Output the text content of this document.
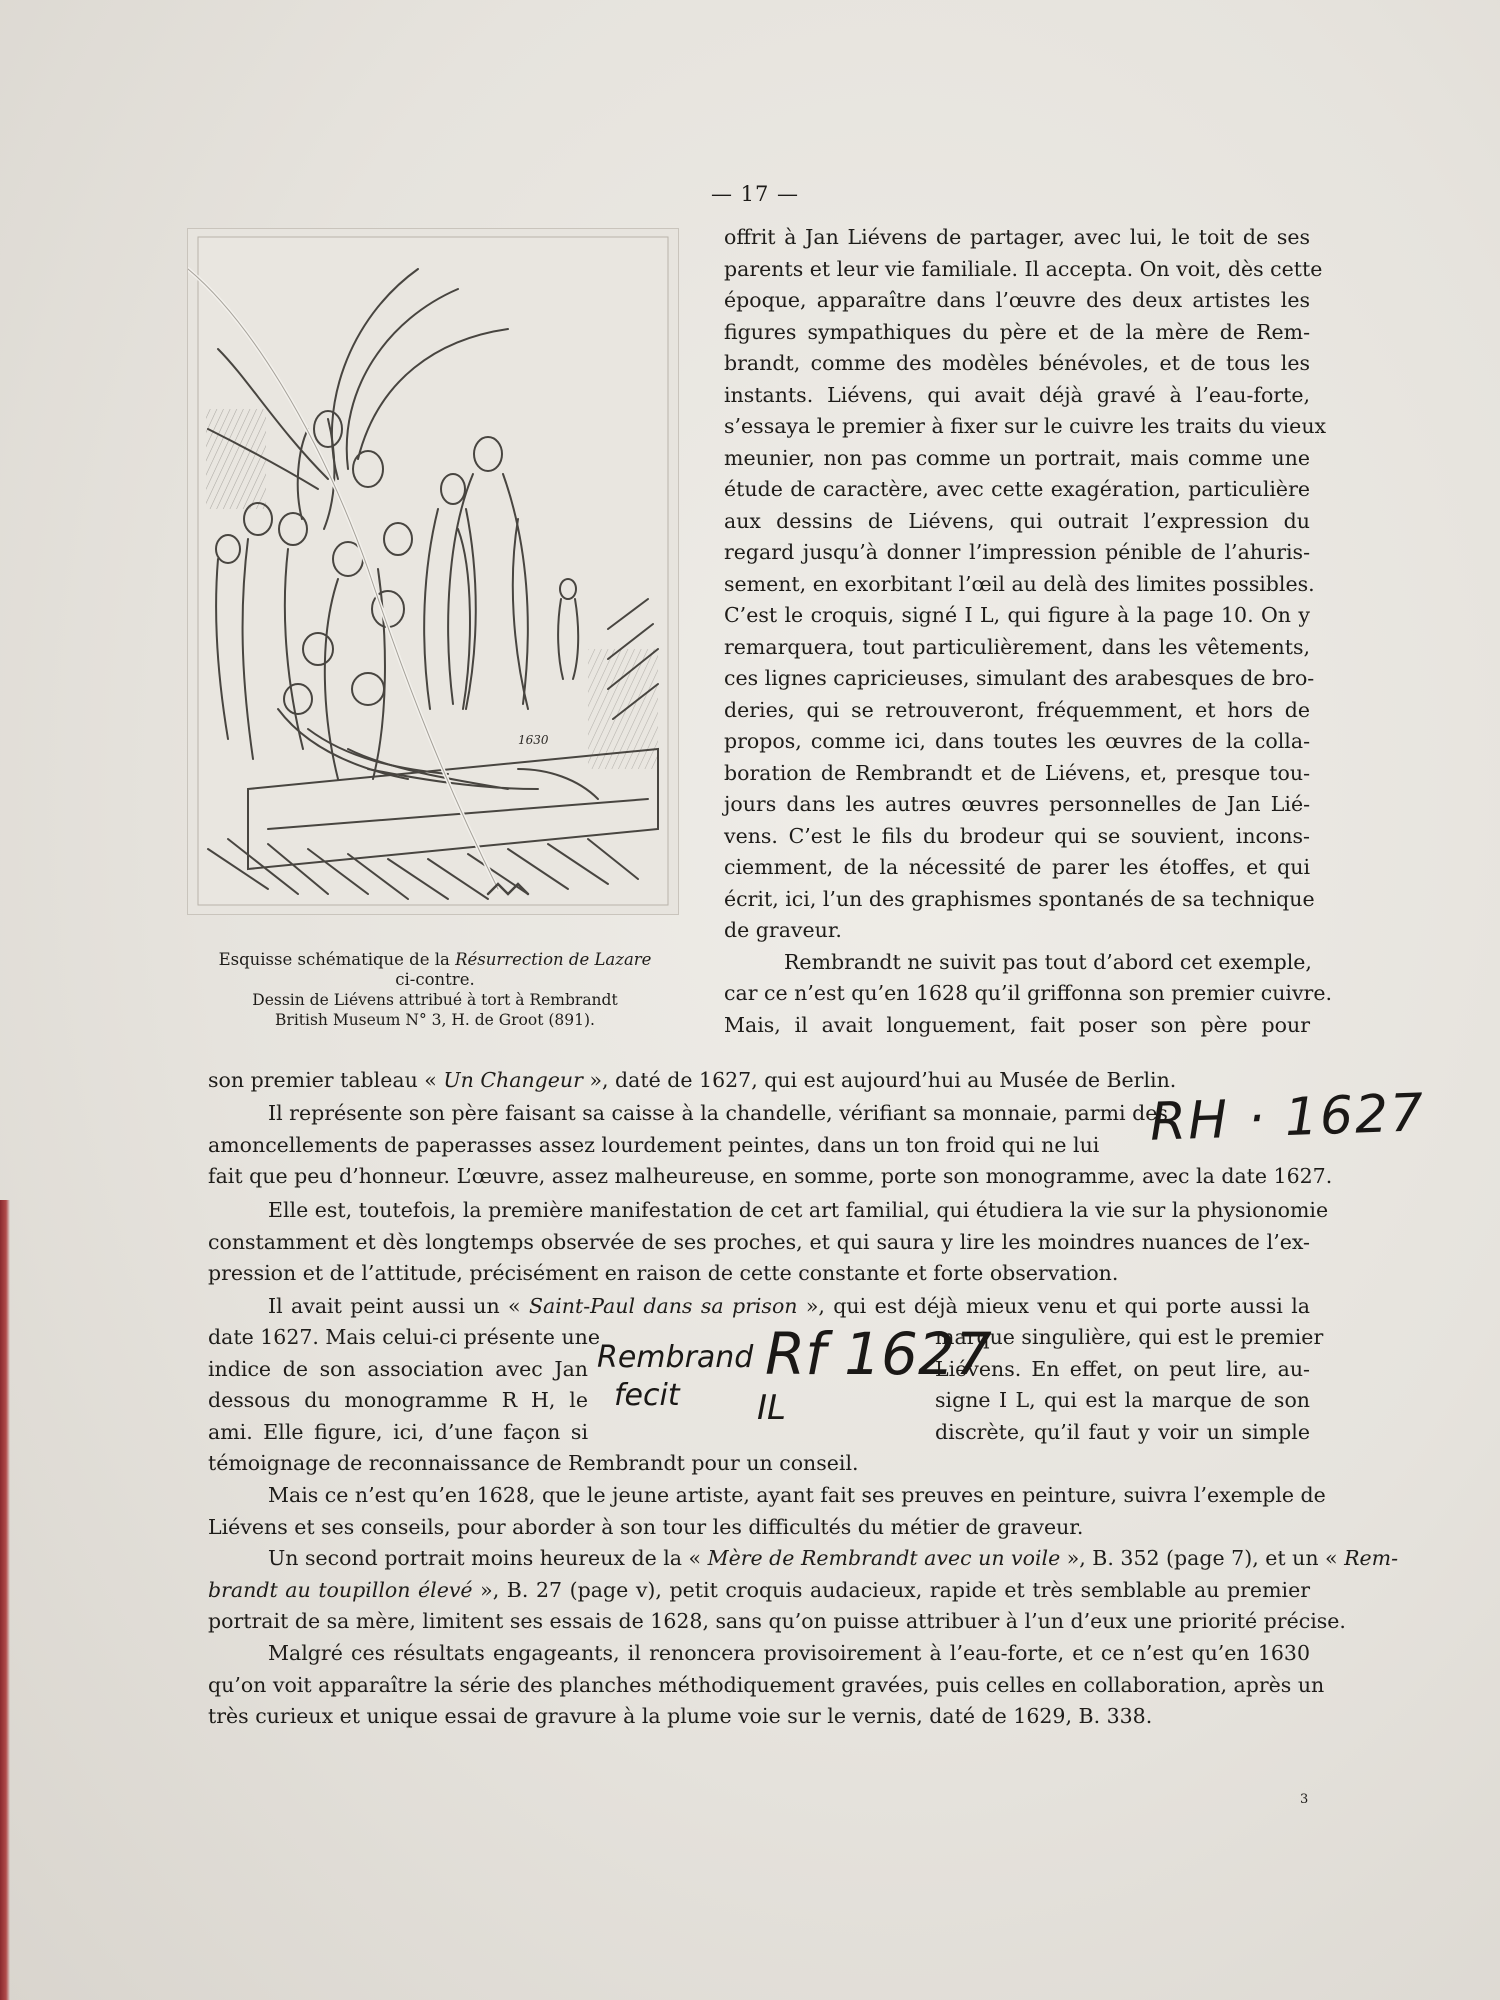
— 17 —
1630
Esquisse schématique de la Résurrection de Lazare
ci-contre.
Dessin de Liévens attribué à tort à Rembrandt
British Museum N° 3, H. de Groot (891).
offrit à Jan Liévens de partager, avec lui, le toit de ses
parents et leur vie familiale. Il accepta. On voit, dès cette
époque, apparaître dans l’œuvre des deux artistes les
figures sympathiques du père et de la mère de Rem-
brandt, comme des modèles bénévoles, et de tous les
instants. Liévens, qui avait déjà gravé à l’eau-forte,
s’essaya le premier à fixer sur le cuivre les traits du vieux
meunier, non pas comme un portrait, mais comme une
étude de caractère, avec cette exagération, particulière
aux dessins de Liévens, qui outrait l’expression du
regard jusqu’à donner l’impression pénible de l’ahuris-
sement, en exorbitant l’œil au delà des limites possibles.
C’est le croquis, signé I L, qui figure à la page 10. On y
remarquera, tout particulièrement, dans les vêtements,
ces lignes capricieuses, simulant des arabesques de bro-
deries, qui se retrouveront, fréquemment, et hors de
propos, comme ici, dans toutes les œuvres de la colla-
boration de Rembrandt et de Liévens, et, presque tou-
jours dans les autres œuvres personnelles de Jan Lié-
vens. C’est le fils du brodeur qui se souvient, incons-
ciemment, de la nécessité de parer les étoffes, et qui
écrit, ici, l’un des graphismes spontanés de sa technique
de graveur.
Rembrandt ne suivit pas tout d’abord cet exemple,
car ce n’est qu’en 1628 qu’il griffonna son premier cuivre.
Mais, il avait longuement, fait poser son père pour
son premier tableau « Un Changeur », daté de 1627, qui est aujourd’hui au Musée de Berlin.
Il représente son père faisant sa caisse à la chandelle, vérifiant sa monnaie, parmi des
amoncellements de paperasses assez lourdement peintes, dans un ton froid qui ne lui
fait que peu d’honneur. L’œuvre, assez malheureuse, en somme, porte son monogramme, avec la date 1627.
RH · 1627
Elle est, toutefois, la première manifestation de cet art familial, qui étudiera la vie sur la physionomie
constamment et dès longtemps observée de ses proches, et qui saura y lire les moindres nuances de l’ex-
pression et de l’attitude, précisément en raison de cette constante et forte observation.
Il avait peint aussi un « Saint-Paul dans sa prison », qui est déjà mieux venu et qui porte aussi la
date 1627. Mais celui-ci présente une
indice de son association avec Jan
dessous du monogramme R H, le
ami. Elle figure, ici, d’une façon si
marque singulière, qui est le premier
Liévens. En effet, on peut lire, au-
signe I L, qui est la marque de son
discrète, qu’il faut y voir un simple
Rembrand
fecit
Rf 1627
IL
témoignage de reconnaissance de Rembrandt pour un conseil.
Mais ce n’est qu’en 1628, que le jeune artiste, ayant fait ses preuves en peinture, suivra l’exemple de
Liévens et ses conseils, pour aborder à son tour les difficultés du métier de graveur.
Un second portrait moins heureux de la « Mère de Rembrandt avec un voile », B. 352 (page 7), et un « Rem-
brandt au toupillon élevé », B. 27 (page v), petit croquis audacieux, rapide et très semblable au premier
portrait de sa mère, limitent ses essais de 1628, sans qu’on puisse attribuer à l’un d’eux une priorité précise.
Malgré ces résultats engageants, il renoncera provisoirement à l’eau-forte, et ce n’est qu’en 1630
qu’on voit apparaître la série des planches méthodiquement gravées, puis celles en collaboration, après un
très curieux et unique essai de gravure à la plume voie sur le vernis, daté de 1629, B. 338.
3
